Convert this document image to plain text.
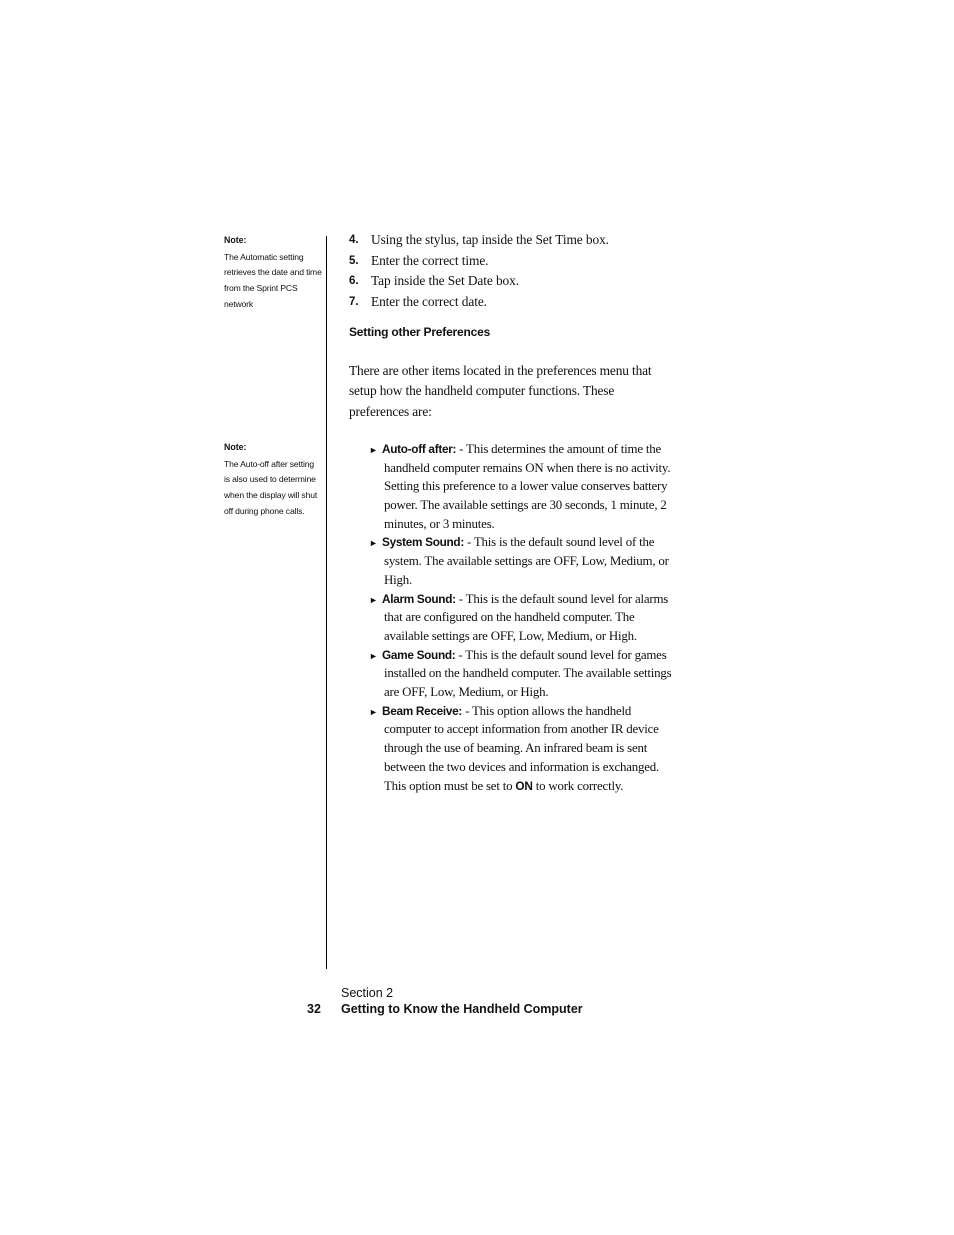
Note:
The Automatic setting retrieves the date and time from the Sprint PCS network
Note:
The Auto-off after setting is also used to determine when the display will shut off during phone calls.
4. Using the stylus, tap inside the Set Time box.
5. Enter the correct time.
6. Tap inside the Set Date box.
7. Enter the correct date.
Setting other Preferences

There are other items located in the preferences menu that setup how the handheld computer functions. These preferences are:

► Auto-off after: - This determines the amount of time the handheld computer remains ON when there is no activity. Setting this preference to a lower value conserves battery power. The available settings are 30 seconds, 1 minute, 2 minutes, or 3 minutes.
► System Sound: - This is the default sound level of the system. The available settings are OFF, Low, Medium, or High.
► Alarm Sound: - This is the default sound level for alarms that are configured on the handheld computer. The available settings are OFF, Low, Medium, or High.
► Game Sound: - This is the default sound level for games installed on the handheld computer. The available settings are OFF, Low, Medium, or High.
► Beam Receive: - This option allows the handheld computer to accept information from another IR device through the use of beaming. An infrared beam is sent between the two devices and information is exchanged. This option must be set to ON to work correctly.
Section 2
32 Getting to Know the Handheld Computer
